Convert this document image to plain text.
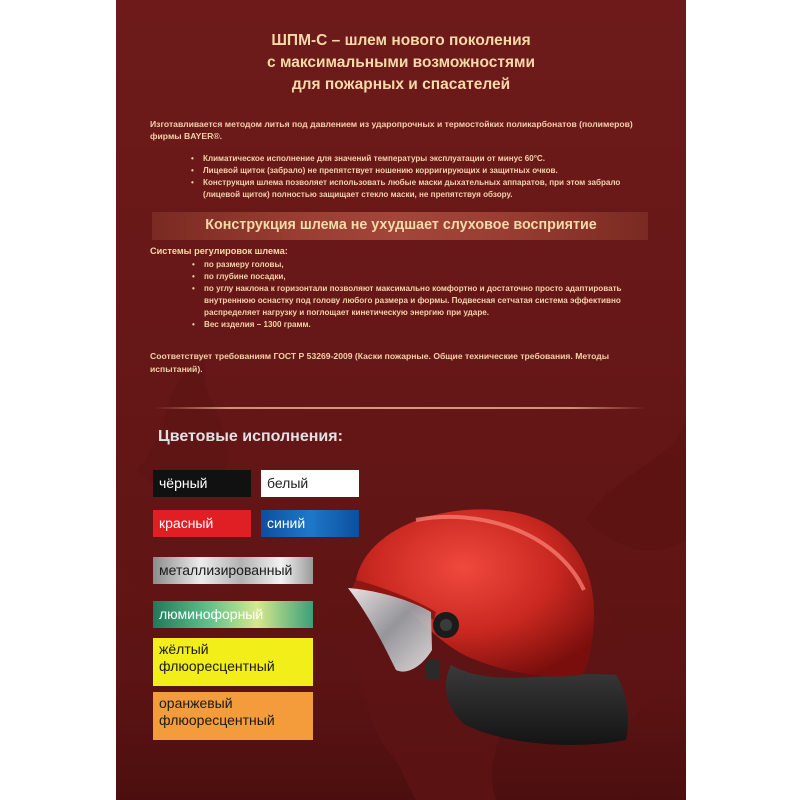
ШПМ-С – шлем нового поколения
с максимальными возможностями
для пожарных и спасателей
Изготавливается методом литья под давлением из ударопрочных и термостойких поликарбонатов (полимеров) фирмы BAYER®.
• Климатическое исполнение для значений температуры эксплуатации от минус 60°С.
• Лицевой щиток (забрало) не препятствует ношению корригирующих и защитных очков.
• Конструкция шлема позволяет использовать любые маски дыхательных аппаратов, при этом забрало (лицевой щиток) полностью защищает стекло маски, не препятствуя обзору.
Конструкция шлема не ухудшает слуховое восприятие
Системы регулировок шлема:
• по размеру головы,
• по глубине посадки,
• по углу наклона к горизонтали позволяют максимально комфортно и достаточно просто адаптировать внутреннюю оснастку под голову любого размера и формы. Подвесная сетчатая система эффективно распределяет нагрузку и поглощает кинетическую энергию при ударе.
• Вес изделия – 1300 грамм.
Соответствует требованиям ГОСТ Р 53269-2009 (Каски пожарные. Общие технические требования. Методы испытаний).
Цветовые исполнения:
чёрный	белый
красный	синий
металлизированный
люминофорный
жёлтый флюоресцентный
оранжевый флюоресцентный
